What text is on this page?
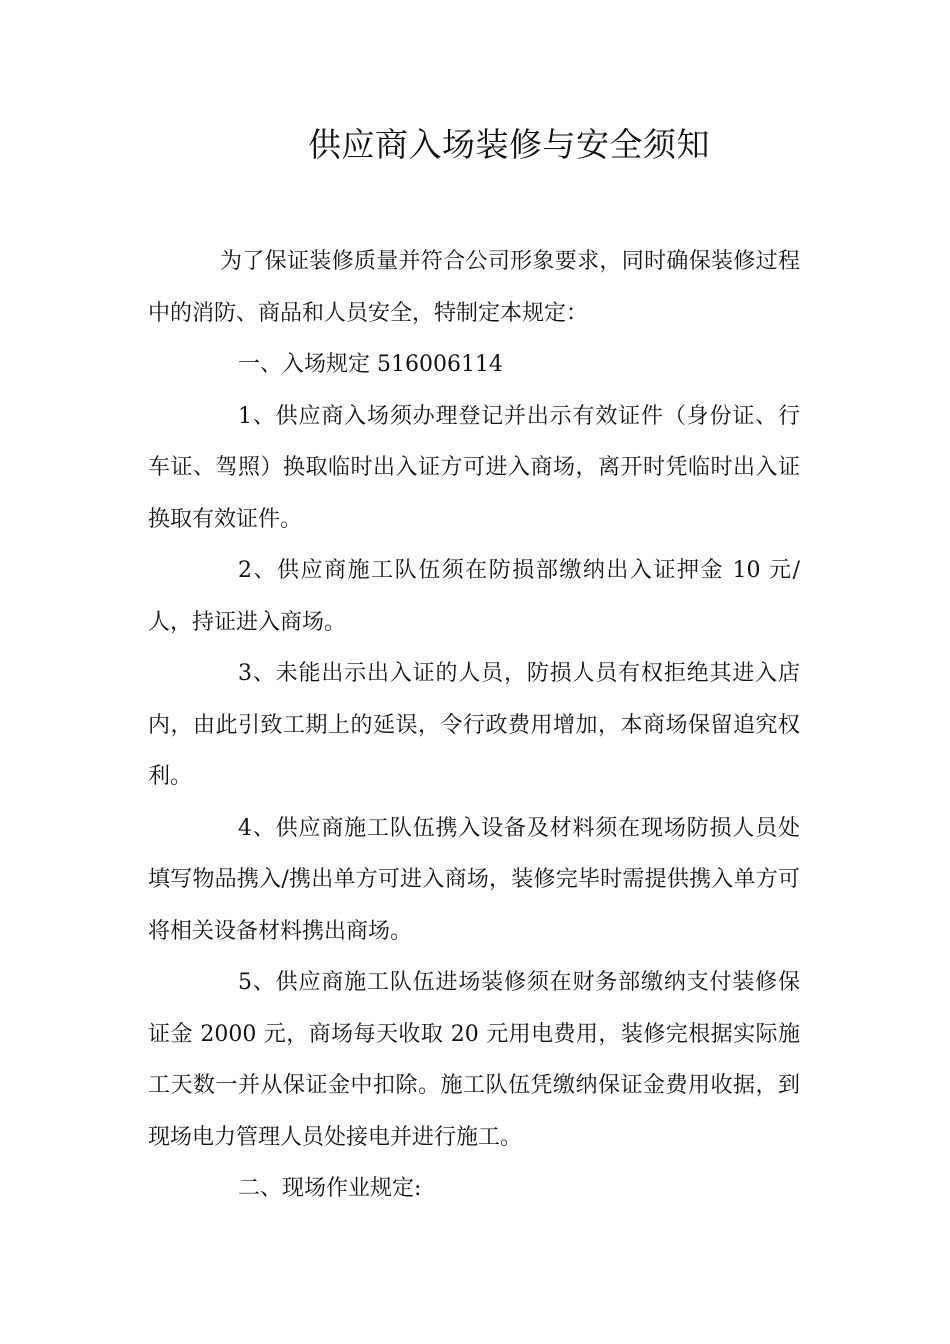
供应商入场装修与安全须知

为了保证装修质量并符合公司形象要求，同时确保装修过程中的消防、商品和人员安全，特制定本规定：

一、入场规定 516006114

1、供应商入场须办理登记并出示有效证件（身份证、行车证、驾照）换取临时出入证方可进入商场，离开时凭临时出入证换取有效证件。

2、供应商施工队伍须在防损部缴纳出入证押金 10 元/人，持证进入商场。

3、未能出示出入证的人员，防损人员有权拒绝其进入店内，由此引致工期上的延误，令行政费用增加，本商场保留追究权利。

4、供应商施工队伍携入设备及材料须在现场防损人员处填写物品携入/携出单方可进入商场，装修完毕时需提供携入单方可将相关设备材料携出商场。

5、供应商施工队伍进场装修须在财务部缴纳支付装修保证金 2000 元，商场每天收取 20 元用电费用，装修完根据实际施工天数一并从保证金中扣除。施工队伍凭缴纳保证金费用收据，到现场电力管理人员处接电并进行施工。

二、现场作业规定:
